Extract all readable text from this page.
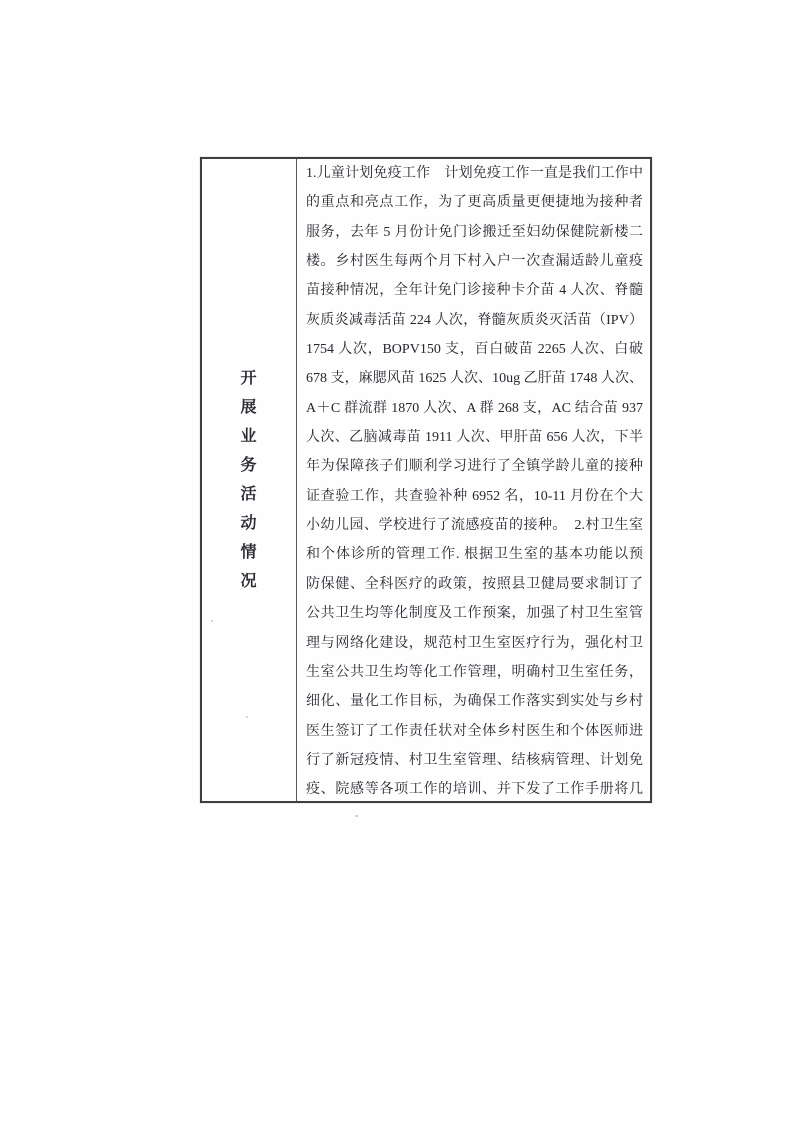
开
展
业
务
活
动
情
况
1.儿童计划免疫工作　计划免疫工作一直是我们工作中
的重点和亮点工作，为了更高质量更便捷地为接种者
服务，去年 5 月份计免门诊搬迁至妇幼保健院新楼二
楼。乡村医生每两个月下村入户一次查漏适龄儿童疫
苗接种情况，全年计免门诊接种卡介苗 4 人次、脊髓
灰质炎减毒活苗 224 人次，脊髓灰质炎灭活苗（IPV）
1754 人次，BOPV150 支，百白破苗 2265 人次、白破
678 支，麻腮风苗 1625 人次、10ug 乙肝苗 1748 人次、
A＋C 群流群 1870 人次、A 群 268 支，AC 结合苗 937
人次、乙脑减毒苗 1911 人次、甲肝苗 656 人次，下半
年为保障孩子们顺利学习进行了全镇学龄儿童的接种
证查验工作，共查验补种 6952 名，10-11 月份在个大
小幼儿园、学校进行了流感疫苗的接种。　2.村卫生室
和个体诊所的管理工作. 根据卫生室的基本功能以预
防保健、全科医疗的政策，按照县卫健局要求制订了
公共卫生均等化制度及工作预案，加强了村卫生室管
理与网络化建设，规范村卫生室医疗行为，强化村卫
生室公共卫生均等化工作管理，明确村卫生室任务，
细化、量化工作目标，为确保工作落实到实处与乡村
医生签订了工作责任状对全体乡村医生和个体医师进
行了新冠疫情、村卫生室管理、结核病管理、计划免
疫、院感等各项工作的培训、并下发了工作手册将几
